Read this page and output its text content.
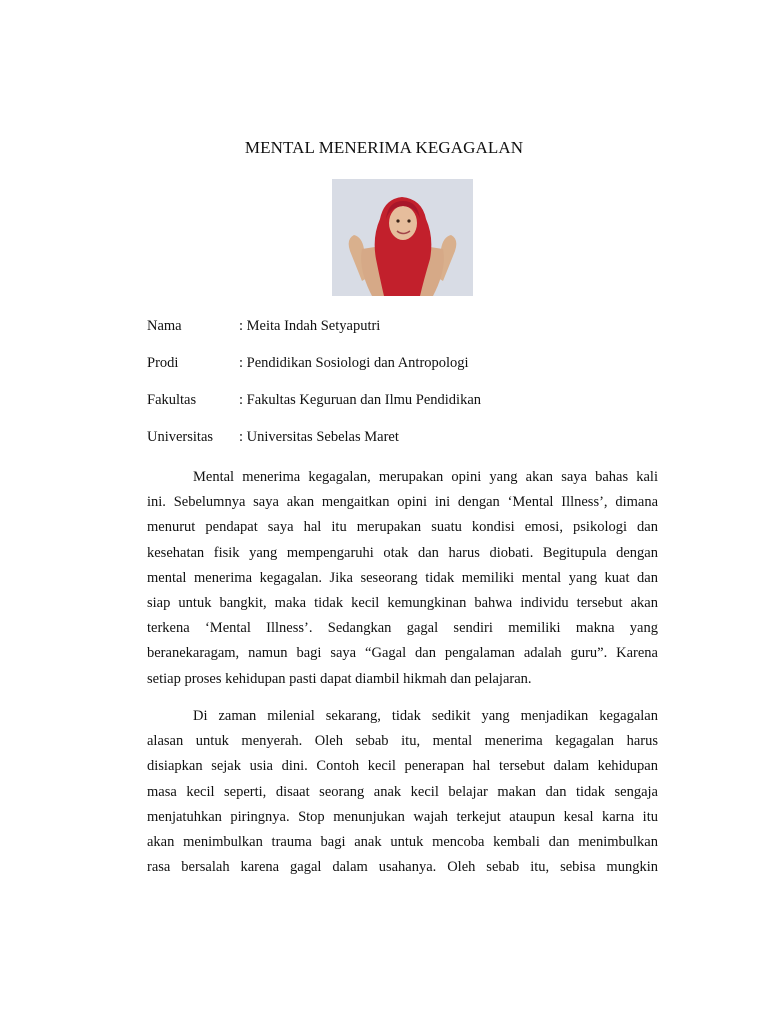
MENTAL MENERIMA KEGAGALAN
Nama	: Meita Indah Setyaputri
Prodi	: Pendidikan Sosiologi dan Antropologi
Fakultas	: Fakultas Keguruan dan Ilmu Pendidikan
Universitas : Universitas Sebelas Maret
Mental menerima kegagalan, merupakan opini yang akan saya bahas kali
ini. Sebelumnya saya akan mengaitkan opini ini dengan ‘Mental Illness’, dimana
menurut pendapat saya hal itu merupakan suatu kondisi emosi, psikologi dan
kesehatan fisik yang mempengaruhi otak dan harus diobati. Begitupula dengan
mental menerima kegagalan. Jika seseorang tidak memiliki mental yang kuat dan
siap untuk bangkit, maka tidak kecil kemungkinan bahwa individu tersebut akan
terkena ‘Mental Illness’. Sedangkan gagal sendiri memiliki makna yang
beranekaragam, namun bagi saya “Gagal dan pengalaman adalah guru”. Karena
setiap proses kehidupan pasti dapat diambil hikmah dan pelajaran.
Di zaman milenial sekarang, tidak sedikit yang menjadikan kegagalan
alasan untuk menyerah. Oleh sebab itu, mental menerima kegagalan harus
disiapkan sejak usia dini. Contoh kecil penerapan hal tersebut dalam kehidupan
masa kecil seperti, disaat seorang anak kecil belajar makan dan tidak sengaja
menjatuhkan piringnya. Stop menunjukan wajah terkejut ataupun kesal karna itu
akan menimbulkan trauma bagi anak untuk mencoba kembali dan menimbulkan
rasa bersalah karena gagal dalam usahanya. Oleh sebab itu, sebisa mungkin
